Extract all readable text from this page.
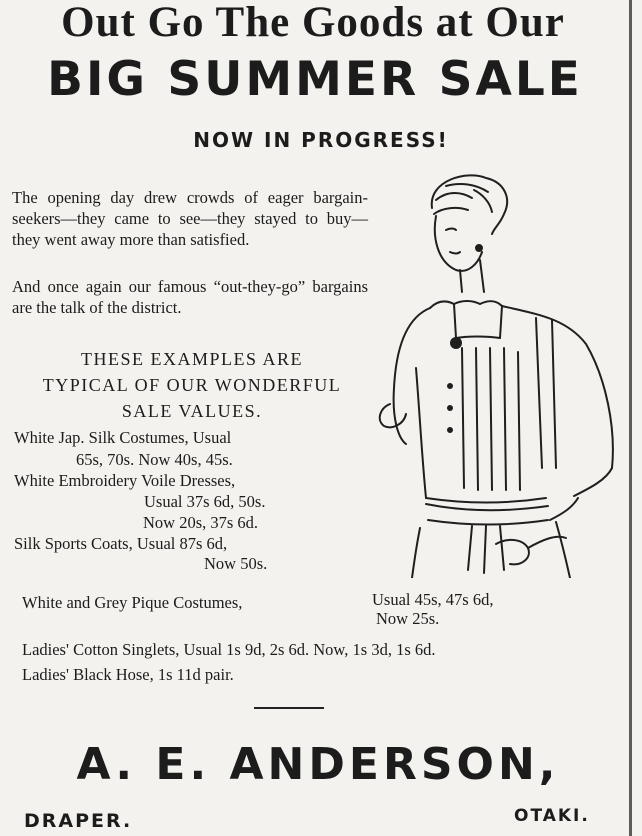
Out Go The Goods at Our
BIG SUMMER SALE
NOW IN PROGRESS!
The opening day drew crowds of eager bargain-seekers—they came to see—they stayed to buy—they went away more than satisfied.
And once again our famous “out-they-go” bargains are the talk of the district.
THESE EXAMPLES ARE
TYPICAL OF OUR WONDERFUL
SALE VALUES.
White Jap. Silk Costumes, Usual
65s, 70s. Now 40s, 45s.
White Embroidery Voile Dresses,
Usual 37s 6d, 50s.
Now 20s, 37s 6d.
Silk Sports Coats, Usual 87s 6d,
Now 50s.
White and Grey Pique Costumes,	Usual 45s, 47s 6d,
Now 25s.
Ladies' Cotton Singlets, Usual 1s 9d, 2s 6d. Now, 1s 3d, 1s 6d.
Ladies' Black Hose, 1s 11d pair.
A. E. ANDERSON,
DRAPER.	OTAKI.
